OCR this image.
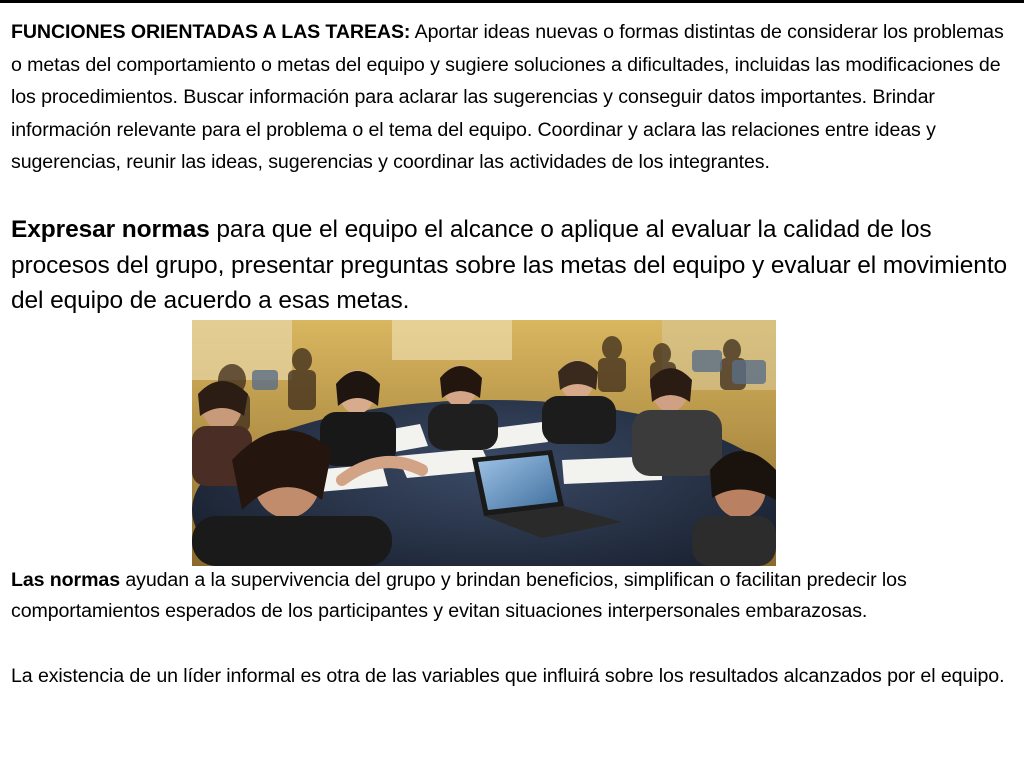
FUNCIONES ORIENTADAS A LAS TAREAS: Aportar ideas nuevas o formas distintas de considerar los problemas o metas del comportamiento o metas del equipo y sugiere soluciones a dificultades, incluidas las modificaciones de los procedimientos. Buscar información para aclarar las sugerencias y conseguir datos importantes. Brindar información relevante para el problema o el tema del equipo. Coordinar y aclara las relaciones entre ideas y sugerencias, reunir las ideas, sugerencias y coordinar las actividades de los integrantes.

Expresar normas para que el equipo el alcance o aplique al evaluar la calidad de los procesos del grupo, presentar preguntas sobre las metas del equipo y evaluar el movimiento del equipo de acuerdo a esas metas.

Las normas ayudan a la supervivencia del grupo y brindan beneficios, simplifican o facilitan predecir los comportamientos esperados de los participantes y evitan situaciones interpersonales embarazosas.

La existencia de un líder informal es otra de las variables que influirá sobre los resultados alcanzados por el equipo.
